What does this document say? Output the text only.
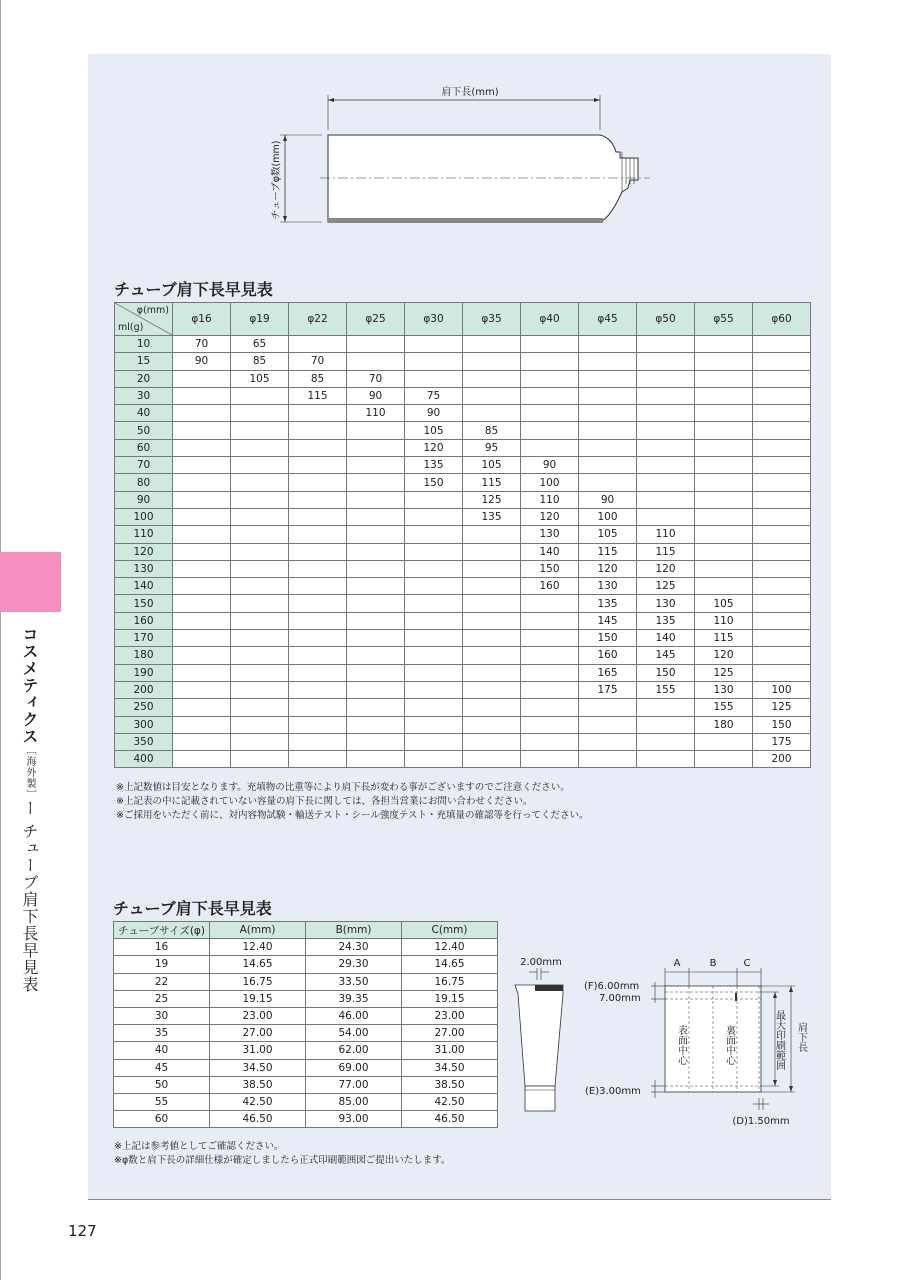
コスメティクス［海外製］ー チューブ肩下長早見表
127
肩下長(mm)
チューブφ数(mm)
チューブ肩下長早見表
φ(mm)
ml(g)	φ16	φ19	φ22	φ25	φ30	φ35	φ40	φ45	φ50	φ55	φ60
10	70	65									
15	90	85	70								
20		105	85	70							
30			115	90	75						
40				110	90						
50					105	85					
60					120	95					
70					135	105	90				
80					150	115	100				
90						125	110	90			
100						135	120	100			
110							130	105	110		
120							140	115	115		
130							150	120	120		
140							160	130	125		
150								135	130	105	
160								145	135	110	
170								150	140	115	
180								160	145	120	
190								165	150	125	
200								175	155	130	100
250										155	125
300										180	150
350											175
400											200
※上記数値は目安となります。充填物の比重等により肩下長が変わる事がございますのでご注意ください。
※上記表の中に記載されていない容量の肩下長に関しては、各担当営業にお問い合わせください。
※ご採用をいただく前に、対内容物試験・輸送テスト・シール強度テスト・充填量の確認等を行ってください。
チューブ肩下長早見表
チューブサイズ(φ)	A(mm)	B(mm)	C(mm)
16	12.40	24.30	12.40
19	14.65	29.30	14.65
22	16.75	33.50	16.75
25	19.15	39.35	19.15
30	23.00	46.00	23.00
35	27.00	54.00	27.00
40	31.00	62.00	31.00
45	34.50	69.00	34.50
50	38.50	77.00	38.50
55	42.50	85.00	42.50
60	46.50	93.00	46.50
※上記は参考値としてご確認ください。
※φ数と肩下長の詳細仕様が確定しましたら正式印刷範囲図ご提出いたします。
2.00mm	A	B	C
(F)6.00mm
7.00mm
(E)3.00mm
(D)1.50mm
表面中心	裏面中心	最大印刷範囲 肩下長
